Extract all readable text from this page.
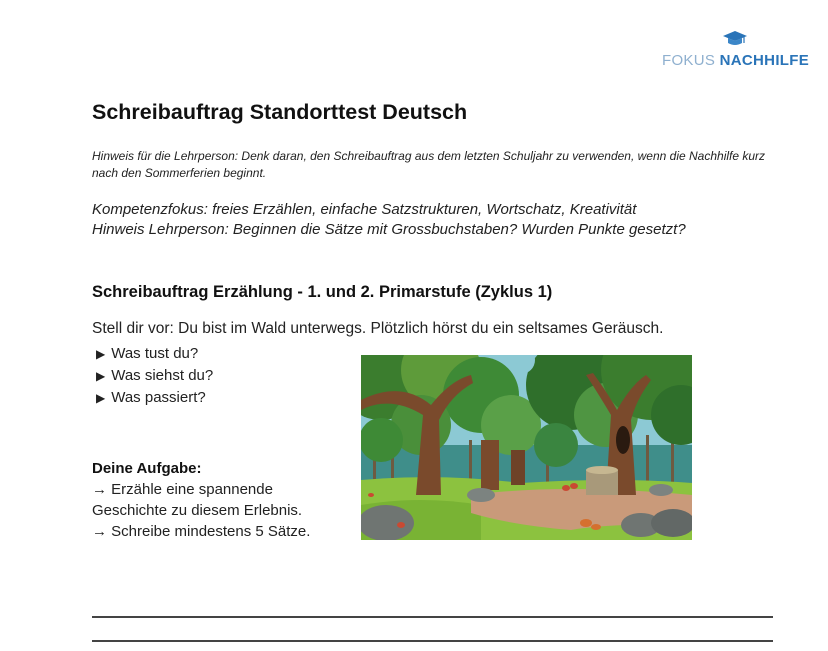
FOKUS NACHHILFE
Schreibauftrag Standorttest Deutsch
Hinweis für die Lehrperson: Denk daran, den Schreibauftrag aus dem letzten Schuljahr zu verwenden, wenn die Nachhilfe kurz nach den Sommerferien beginnt.
Kompetenzfokus: freies Erzählen, einfache Satzstrukturen, Wortschatz, Kreativität
Hinweis Lehrperson: Beginnen die Sätze mit Grossbuchstaben? Wurden Punkte gesetzt?
Schreibauftrag Erzählung - 1. und 2. Primarstufe (Zyklus 1)
Stell dir vor: Du bist im Wald unterwegs. Plötzlich hörst du ein seltsames Geräusch.
▶ Was tust du?
▶ Was siehst du?
▶ Was passiert?
Deine Aufgabe:
→ Erzähle eine spannende
Geschichte zu diesem Erlebnis.
→ Schreibe mindestens 5 Sätze.
